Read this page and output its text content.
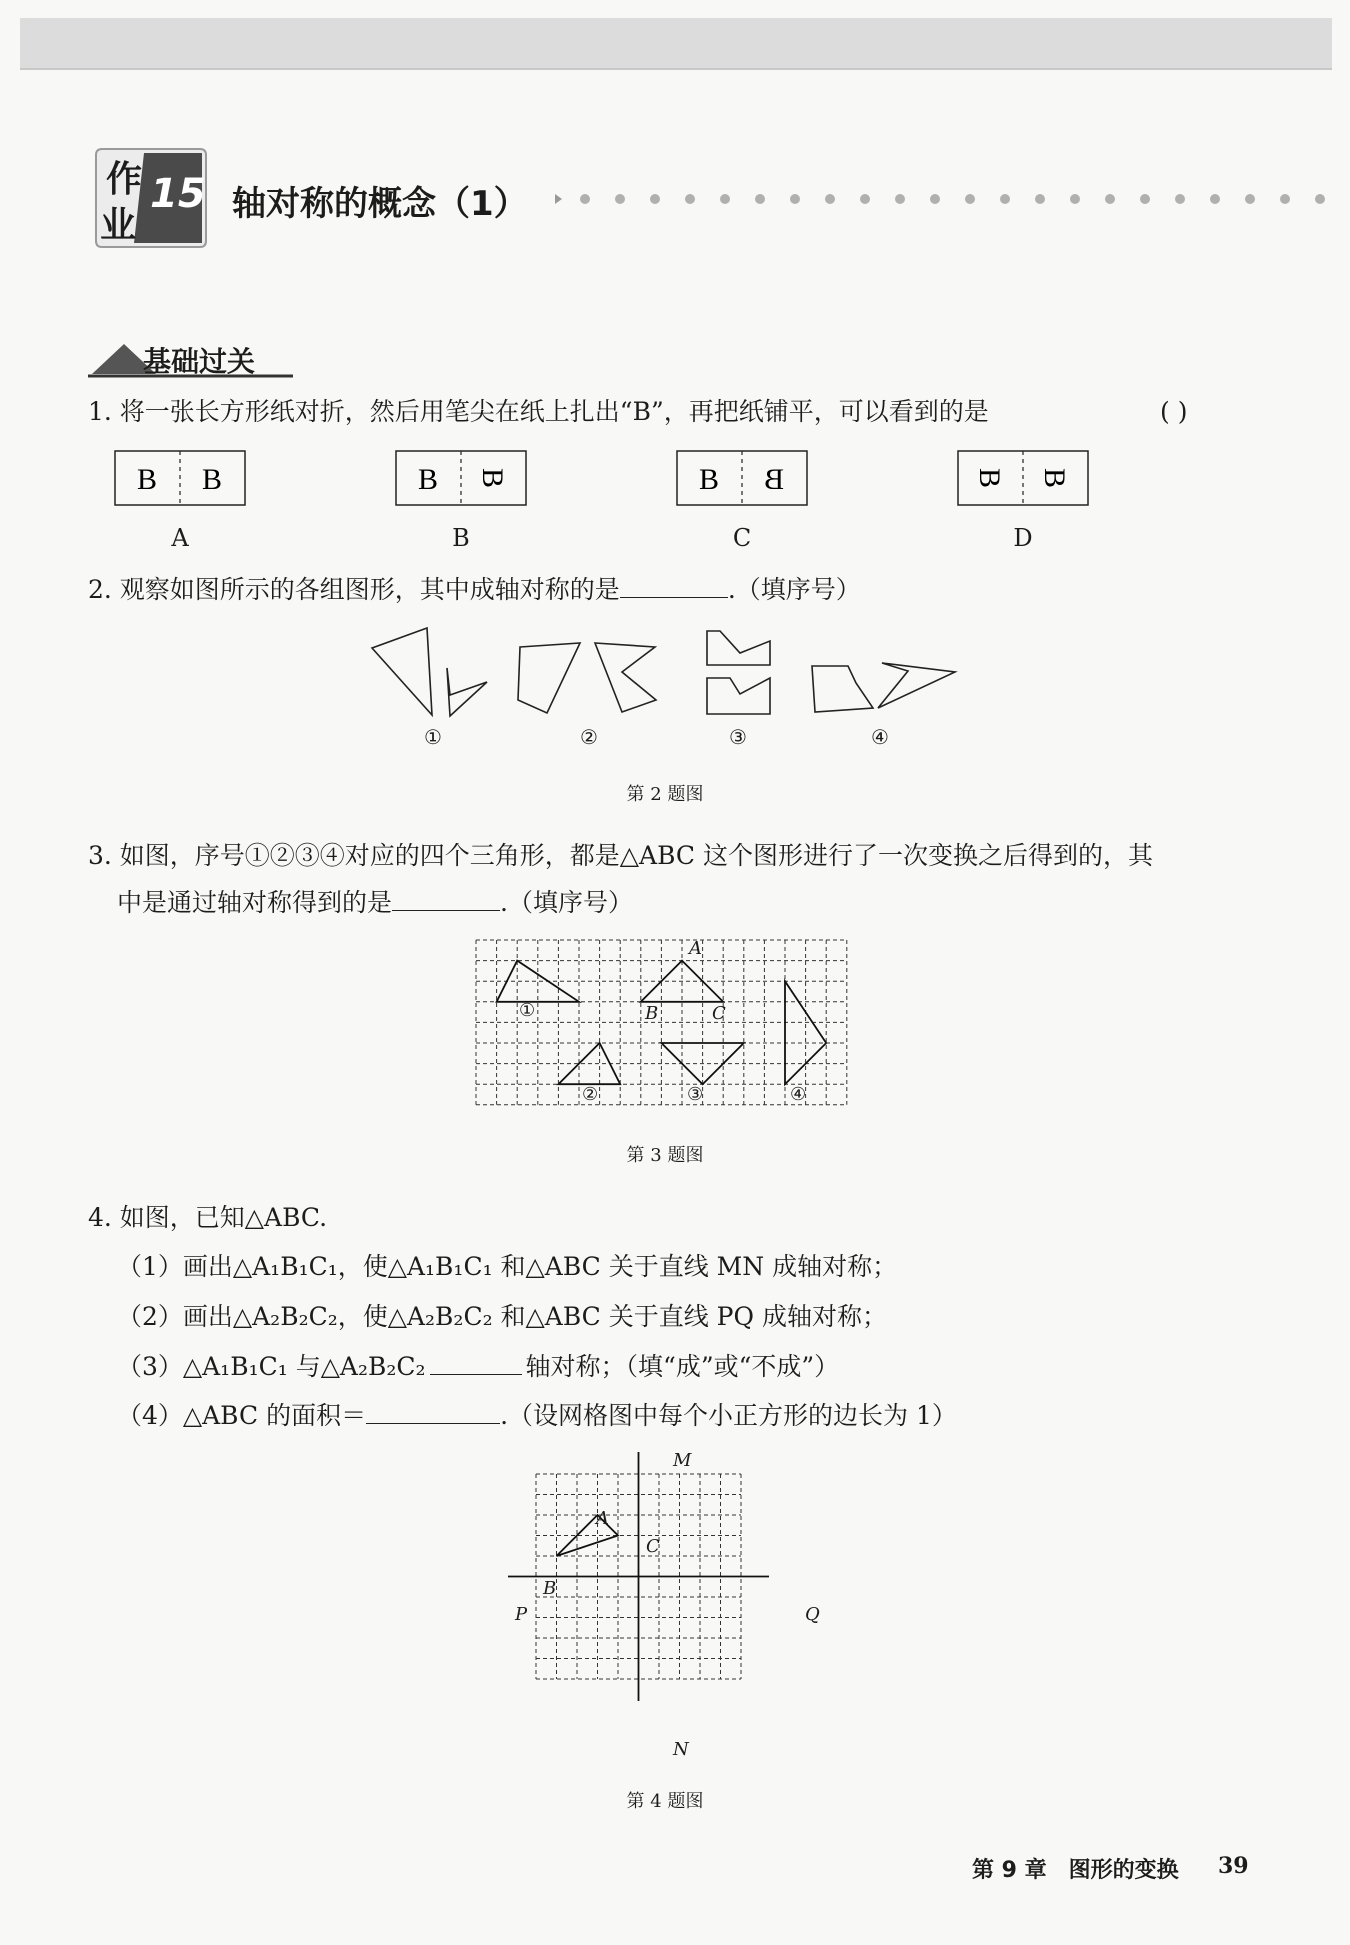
作
业
15 轴对称的概念（1）
基础过关
1. 将一张长方形纸对折，然后用笔尖在纸上扎出“B”，再把纸铺平，可以看到的是	( )
B B	B B	B B	B B
A	B	C	D
2. 观察如图所示的各组图形，其中成轴对称的是	.（填序号）
①	②	③	④
第 2 题图
3. 如图，序号①②③④对应的四个三角形，都是△ABC 这个图形进行了一次变换之后得到的，其
中是通过轴对称得到的是	.（填序号）
A
B	C
①
②	③	④
第 3 题图
4. 如图，已知△ABC.
（1）画出△A₁B₁C₁，使△A₁B₁C₁ 和△ABC 关于直线 MN 成轴对称；
（2）画出△A₂B₂C₂，使△A₂B₂C₂ 和△ABC 关于直线 PQ 成轴对称；
（3）△A₁B₁C₁ 与△A₂B₂C₂	轴对称；（填“成”或“不成”）
（4）△ABC 的面积＝	.（设网格图中每个小正方形的边长为 1）
M
N
P	Q
A
B
C
第 4 题图
第 9 章　图形的变换 39
